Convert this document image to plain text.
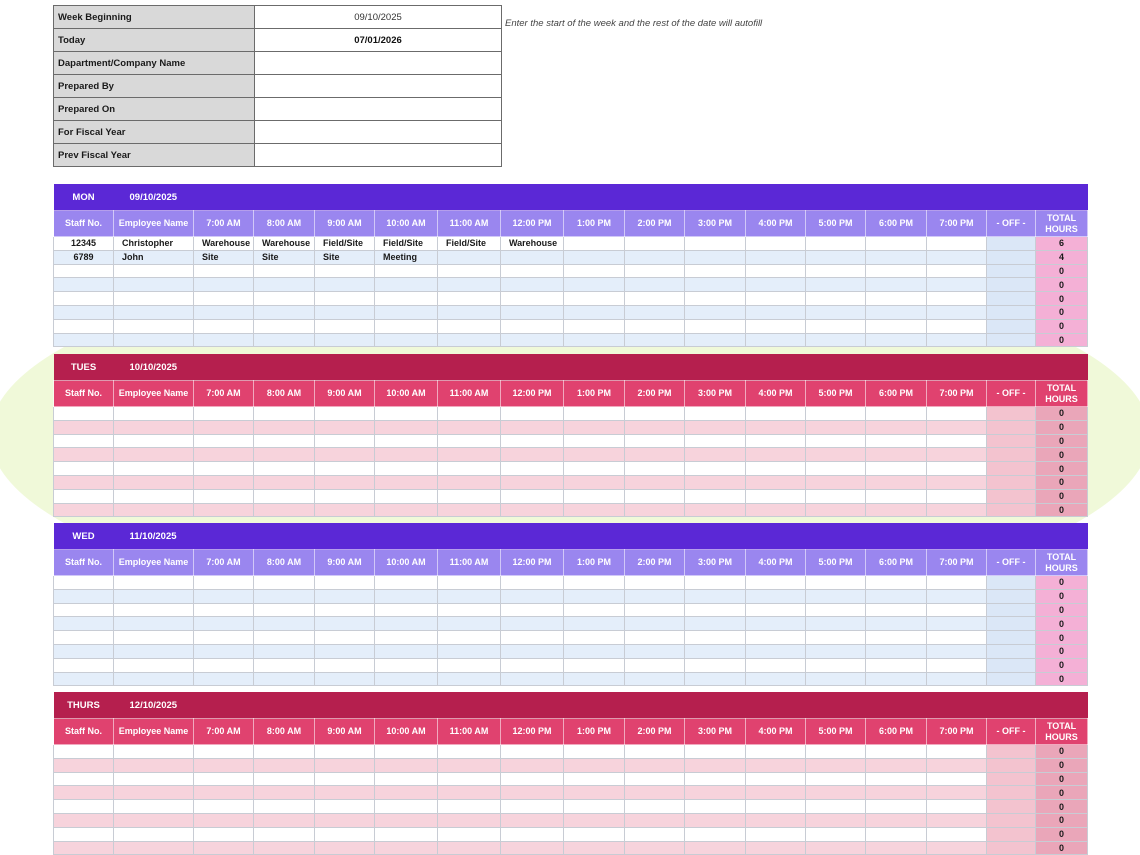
Week Beginning	09/10/2025
Today	07/01/2026
Dapartment/Company Name	
Prepared By	
Prepared On	
For Fiscal Year	
Prev Fiscal Year	
Enter the start of the week and the rest of the date will autofill
MON	09/10/2025															
Staff No.	Employee Name	7:00 AM	8:00 AM	9:00 AM	10:00 AM	11:00 AM	12:00 PM	1:00 PM	2:00 PM	3:00 PM	4:00 PM	5:00 PM	6:00 PM	7:00 PM	- OFF -	TOTAL HOURS
12345	Christopher	Warehouse	Warehouse	Field/Site	Field/Site	Field/Site	Warehouse									6
6789	John	Site	Site	Site	Meeting											4
																0
																0
																0
																0
																0
																0
TUES	10/10/2025															
Staff No.	Employee Name	7:00 AM	8:00 AM	9:00 AM	10:00 AM	11:00 AM	12:00 PM	1:00 PM	2:00 PM	3:00 PM	4:00 PM	5:00 PM	6:00 PM	7:00 PM	- OFF -	TOTAL HOURS
																0
																0
																0
																0
																0
																0
																0
																0
WED	11/10/2025															
Staff No.	Employee Name	7:00 AM	8:00 AM	9:00 AM	10:00 AM	11:00 AM	12:00 PM	1:00 PM	2:00 PM	3:00 PM	4:00 PM	5:00 PM	6:00 PM	7:00 PM	- OFF -	TOTAL HOURS
																0
																0
																0
																0
																0
																0
																0
																0
THURS	12/10/2025															
Staff No.	Employee Name	7:00 AM	8:00 AM	9:00 AM	10:00 AM	11:00 AM	12:00 PM	1:00 PM	2:00 PM	3:00 PM	4:00 PM	5:00 PM	6:00 PM	7:00 PM	- OFF -	TOTAL HOURS
																0
																0
																0
																0
																0
																0
																0
																0
